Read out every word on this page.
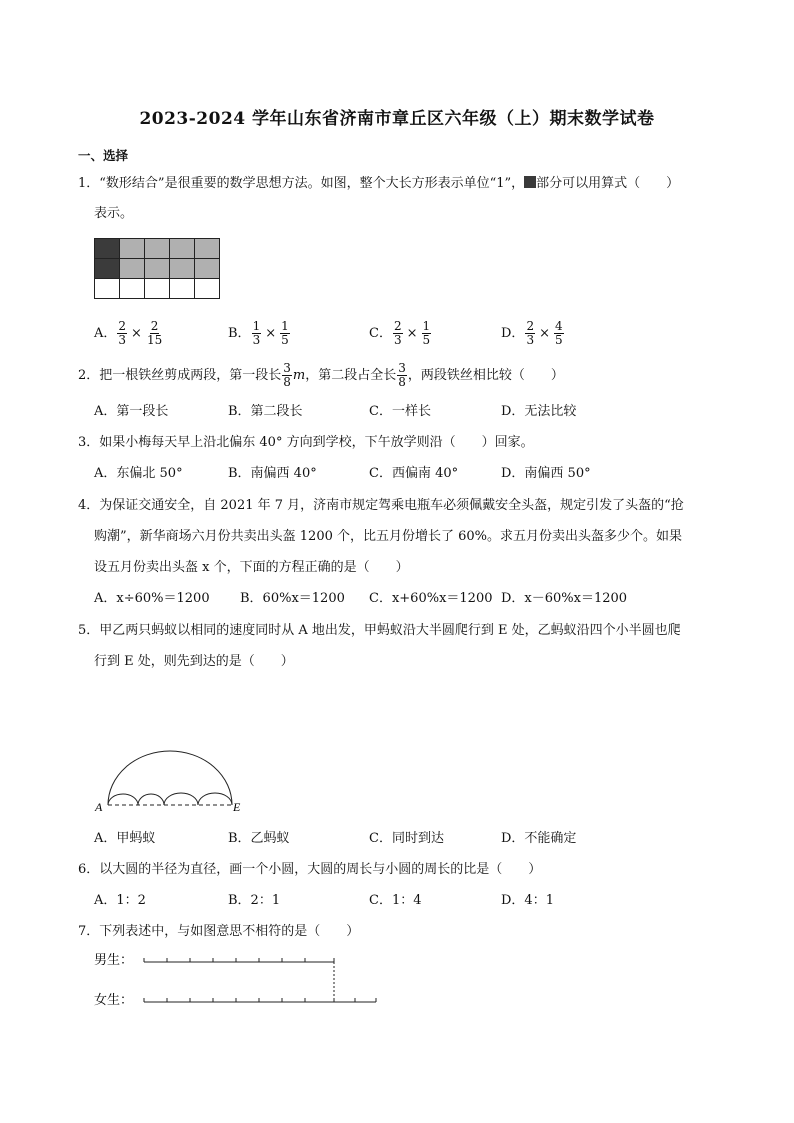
2023-2024 学年山东省济南市章丘区六年级（上）期末数学试卷
一、选择
1．“数形结合”是很重要的数学思想方法。如图，整个大长方形表示单位“1”， 部分可以用算式（　　）
表示。
A． $\frac{2}{3} \times \frac{2}{15}$	B． $\frac{1}{3} \times \frac{1}{5}$	C． $\frac{2}{3} \times \frac{1}{5}$	D． $\frac{2}{3} \times \frac{4}{5}$
2．把一根铁丝剪成两段，第一段长 $\frac{3}{8}$ m，第二段占全长 $\frac{3}{8}$ ，两段铁丝相比较（　　）
A．第一段长	B．第二段长	C．一样长	D．无法比较
3．如果小梅每天早上沿北偏东 40° 方向到学校，下午放学则沿（　　）回家。
A．东偏北 50°	B．南偏西 40°	C．西偏南 40°	D．南偏西 50°
4．为保证交通安全，自 2021 年 7 月，济南市规定驾乘电瓶车必须佩戴安全头盔，规定引发了头盔的“抢
购潮”，新华商场六月份共卖出头盔 1200 个，比五月份增长了 60%。求五月份卖出头盔多少个。如果
设五月份卖出头盔 x 个，下面的方程正确的是（　　）
A．x÷60%＝1200 B．60%x＝1200 C．x+60%x＝1200 D．x－60%x＝1200
5．甲乙两只蚂蚁以相同的速度同时从 A 地出发，甲蚂蚁沿大半圆爬行到 E 处，乙蚂蚁沿四个小半圆也爬
行到 E 处，则先到达的是（　　）
A	E
A．甲蚂蚁	B．乙蚂蚁	C．同时到达	D．不能确定
6．以大圆的半径为直径，画一个小圆，大圆的周长与小圆的周长的比是（　　）
A．1：2	B．2：1	C．1：4	D．4：1
7．下列表述中，与如图意思不相符的是（　　）
男生：
女生：
